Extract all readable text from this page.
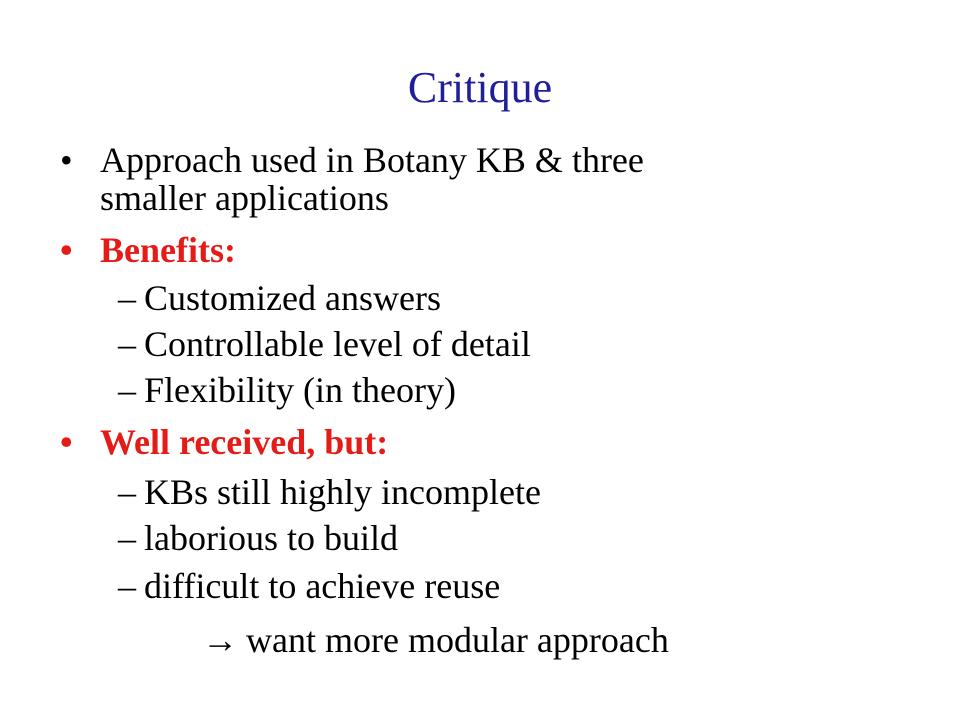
Critique
• Approach used in Botany KB & three
smaller applications
• Benefits:
– Customized answers
– Controllable level of detail
– Flexibility (in theory)
• Well received, but:
– KBs still highly incomplete
– laborious to build
– difficult to achieve reuse
→ want more modular approach
